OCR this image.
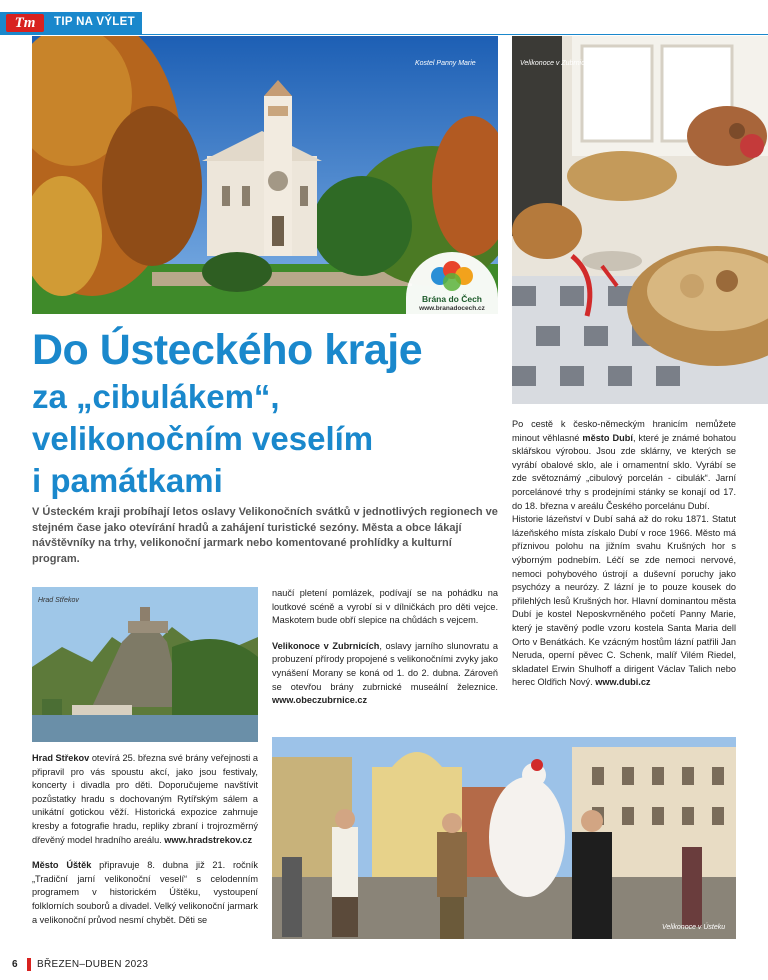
Tm	TIP NA VÝLET
Kostel Panny Marie
Brána do Čech
www.branadocech.cz
Velikonoce v Zubrnicích
Do Ústeckého kraje
za „cibulákem“,
velikonočním veselím
i památkami
V Ústeckém kraji probíhají letos oslavy Velikonočních svátků v jednotlivých regionech ve stejném čase jako otevírání hradů a zahájení turistické sezóny. Města a obce lákají návštěvníky na trhy, velikonoční jarmark nebo komentované prohlídky a kulturní program.
Hrad Střekov

Hrad Střekov otevírá 25. března své brány veřejnosti a připravil pro vás spoustu akcí, jako jsou festivaly, koncerty i divadla pro děti. Doporučujeme navštívit pozůstatky hradu s dochovaným Rytířským sálem a unikátní gotickou věží. Historická expozice zahrnuje kresby a fotografie hradu, repliky zbraní i trojrozměrný dřevěný model hradního areálu. www.hradstrekov.cz

Město Úštěk připravuje 8. dubna již 21. ročník „Tradiční jarní velikonoční veselí“ s celodenním programem v historickém Úštěku, vystoupení folklorních souborů a divadel. Velký velikonoční jarmark a velikonoční průvod nesmí chybět. Děti se

naučí pletení pomlázek, podívají se na pohádku na loutkové scéně a vyrobí si v dílničkách pro děti vejce. Maskotem bude obří slepice na chůdách s vejcem.

Velikonoce v Zubrnicích, oslavy jarního slunovratu a probuzení přírody propojené s velikonočními zvyky jako vynášení Morany se koná od 1. do 2. dubna. Zároveň se otevřou brány zubrnické museální železnice. www.obeczubrnice.cz

Po cestě k česko-německým hranicím nemůžete minout věhlasné město Dubí, které je známé bohatou sklářskou výrobou. Jsou zde sklárny, ve kterých se vyrábí obalové sklo, ale i ornamentní sklo. Vyrábí se zde světoznámý „cibulový porcelán - cibulák“. Jarní porcelánové trhy s prodejními stánky se konají od 17. do 18. března v areálu Českého porcelánu Dubí.

Historie lázeňství v Dubí sahá až do roku 1871. Statut lázeňského místa získalo Dubí v roce 1966. Město má příznivou polohu na jižním svahu Krušných hor s výborným podnebím. Léčí se zde nemoci nervové, nemoci pohybového ústrojí a duševní poruchy jako psychózy a neurózy. Z lázní je to pouze kousek do přilehlých lesů Krušných hor. Hlavní dominantou města Dubí je kostel Neposkvrněného početí Panny Marie, který je stavěný podle vzoru kostela Santa Maria dell Orto v Benátkách. Ke vzácným hostům lázní patřili Jan Neruda, operní pěvec C. Schenk, malíř Vilém Riedel, skladatel Erwin Shulhoff a dirigent Václav Talich nebo herec Oldřich Nový. www.dubi.cz

Velikonoce v Ústeku
6 BŘEZEN–DUBEN 2023
